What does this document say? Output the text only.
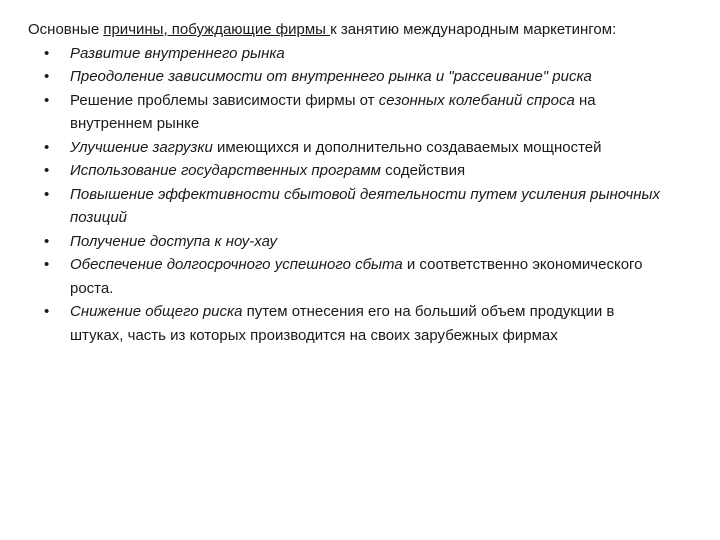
Основные причины, побуждающие фирмы к занятию международным маркетингом:

• Развитие внутреннего рынка
• Преодоление зависимости от внутреннего рынка и "рассеивание" риска
• Решение проблемы зависимости фирмы от сезонных колебаний спроса на внутреннем рынке
• Улучшение загрузки имеющихся и дополнительно создаваемых мощностей
• Использование государственных программ содействия
• Повышение эффективности сбытовой деятельности путем усиления рыночных позиций
• Получение доступа к ноу-хау
• Обеспечение долгосрочного успешного сбыта и соответственно экономического роста.
• Снижение общего риска путем отнесения его на больший объем продукции в штуках, часть из которых производится на своих зарубежных фирмах
